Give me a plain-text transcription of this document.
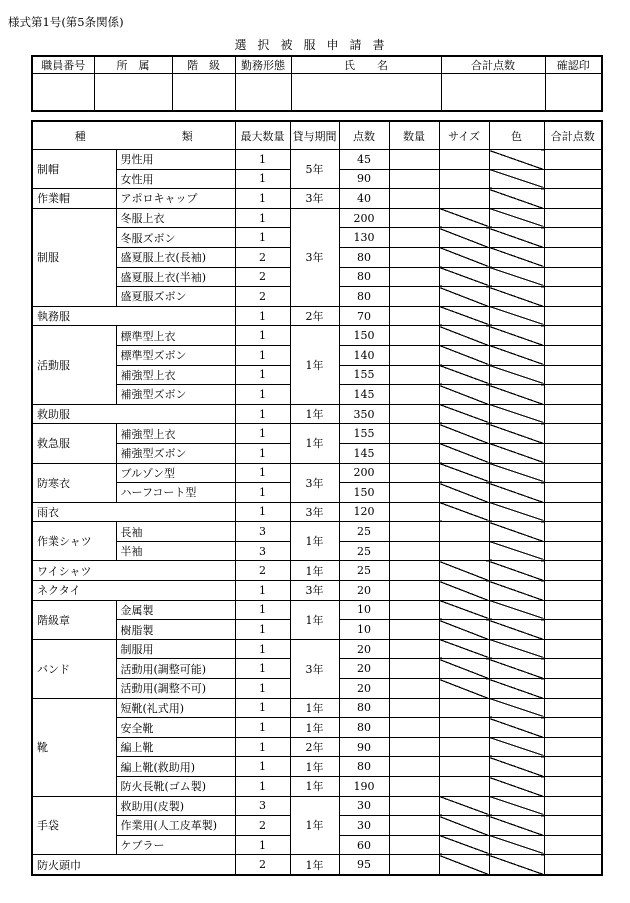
様式第1号(第5条関係)
選択被服申請書
職員番号	所　属	階　級	勤務形態	氏　　名	合計点数	確認印

種 類		最大数量	貸与期間	点数	数量	サイズ	色	合計点数
制帽	男性用	1	5年	45				
	女性用	1		90				
作業帽	アポロキャップ	1	3年	40				
制服	冬服上衣	1	3年	200				
	冬服ズボン	1		130				
	盛夏服上衣(長袖)	2		80				
	盛夏服上衣(半袖)	2		80				
	盛夏服ズボン	2		80				
執務服		1	2年	70				
活動服	標準型上衣	1	1年	150				
	標準型ズボン	1		140				
	補強型上衣	1		155				
	補強型ズボン	1		145				
救助服		1	1年	350				
救急服	補強型上衣	1	1年	155				
	補強型ズボン	1		145				
防寒衣	ブルゾン型	1	3年	200				
	ハーフコート型	1		150				
雨衣		1	3年	120				
作業シャツ	長袖	3	1年	25				
	半袖	3		25				
ワイシャツ		2	1年	25				
ネクタイ		1	3年	20				
階級章	金属製	1	1年	10				
	樹脂製	1		10				
バンド	制服用	1	3年	20				
	活動用(調整可能)	1		20				
	活動用(調整不可)	1		20				
靴	短靴(礼式用)	1	1年	80				
	安全靴	1	1年	80				
	編上靴	1	2年	90				
	編上靴(救助用)	1	1年	80				
	防火長靴(ゴム製)	1	1年	190				
手袋	救助用(皮製)	3	1年	30				
	作業用(人工皮革製)	2		30				
	ケブラー	1		60				
防火頭巾		2	1年	95				
